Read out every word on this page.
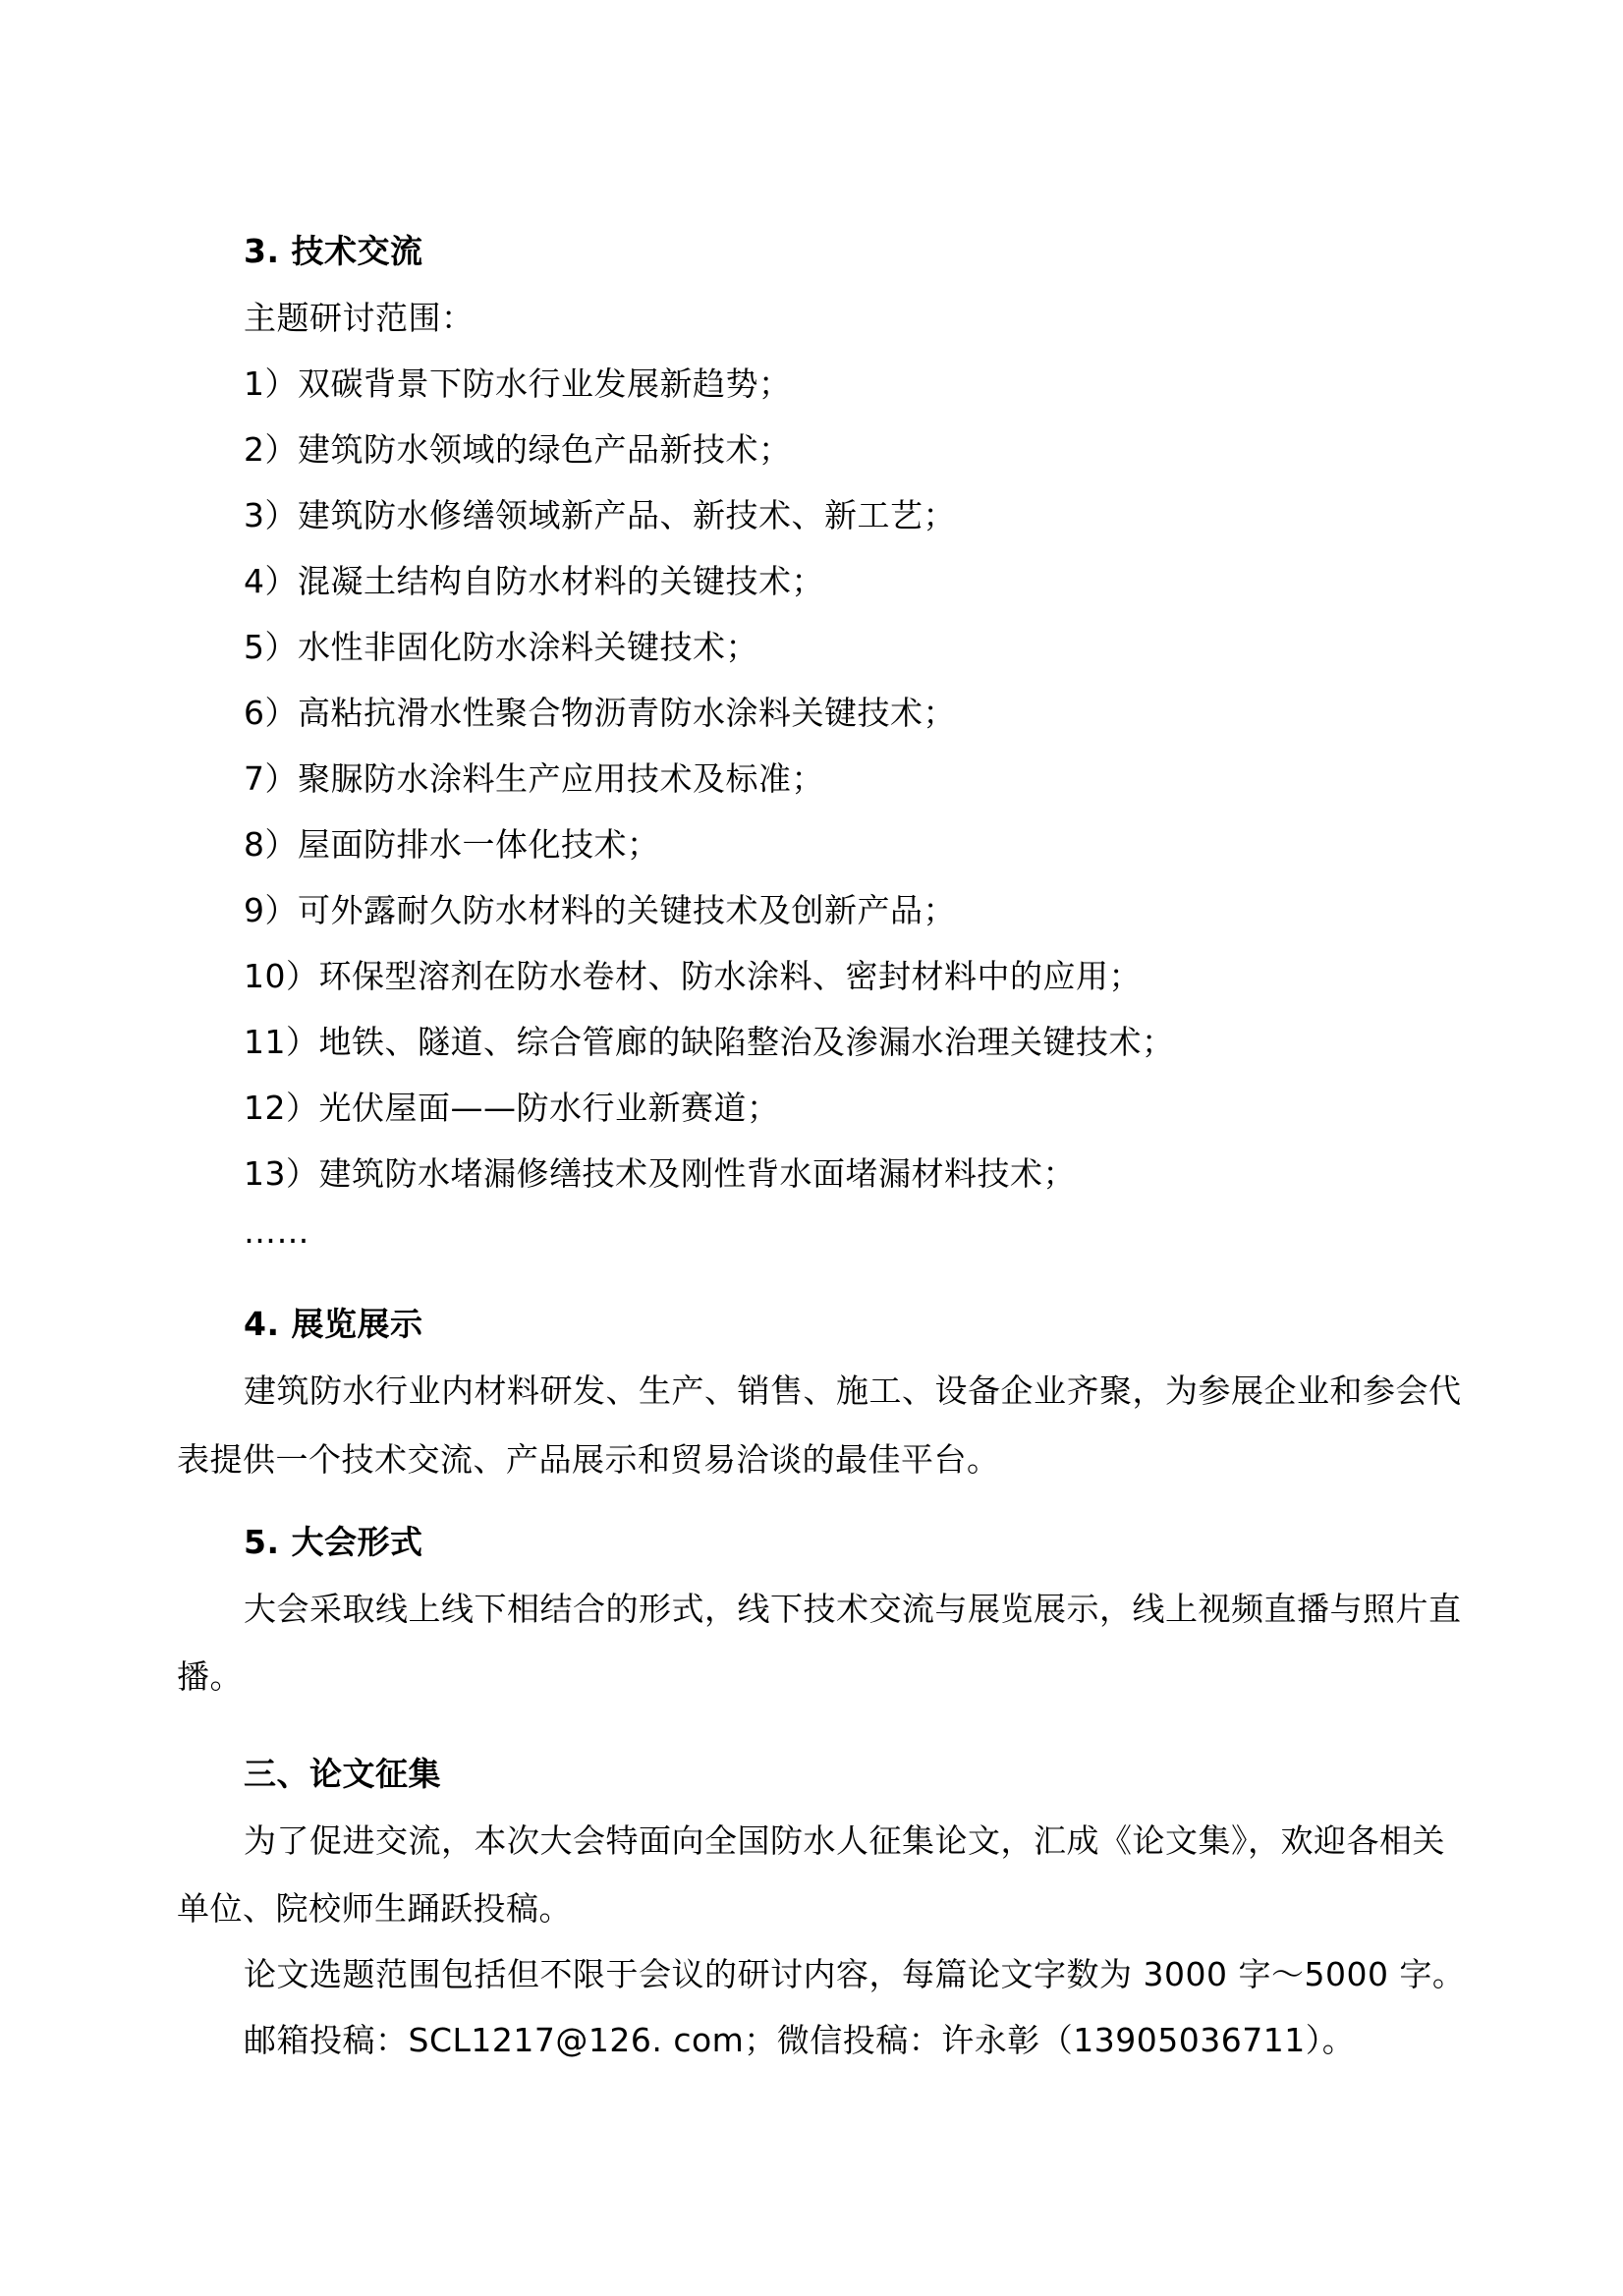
3. 技术交流
主题研讨范围：
1）双碳背景下防水行业发展新趋势；
2）建筑防水领域的绿色产品新技术；
3）建筑防水修缮领域新产品、新技术、新工艺；
4）混凝土结构自防水材料的关键技术；
5）水性非固化防水涂料关键技术；
6）高粘抗滑水性聚合物沥青防水涂料关键技术；
7）聚脲防水涂料生产应用技术及标准；
8）屋面防排水一体化技术；
9）可外露耐久防水材料的关键技术及创新产品；
10）环保型溶剂在防水卷材、防水涂料、密封材料中的应用；
11）地铁、隧道、综合管廊的缺陷整治及渗漏水治理关键技术；
12）光伏屋面——防水行业新赛道；
13）建筑防水堵漏修缮技术及刚性背水面堵漏材料技术；
……
4. 展览展示
建筑防水行业内材料研发、生产、销售、施工、设备企业齐聚，为参展企业和参会代
表提供一个技术交流、产品展示和贸易洽谈的最佳平台。
5. 大会形式
大会采取线上线下相结合的形式，线下技术交流与展览展示，线上视频直播与照片直
播。
三、论文征集
为了促进交流，本次大会特面向全国防水人征集论文，汇成《论文集》，欢迎各相关
单位、院校师生踊跃投稿。
论文选题范围包括但不限于会议的研讨内容，每篇论文字数为 3000 字～5000 字。
邮箱投稿：SCL1217@126. com；微信投稿：许永彰（13905036711）。
